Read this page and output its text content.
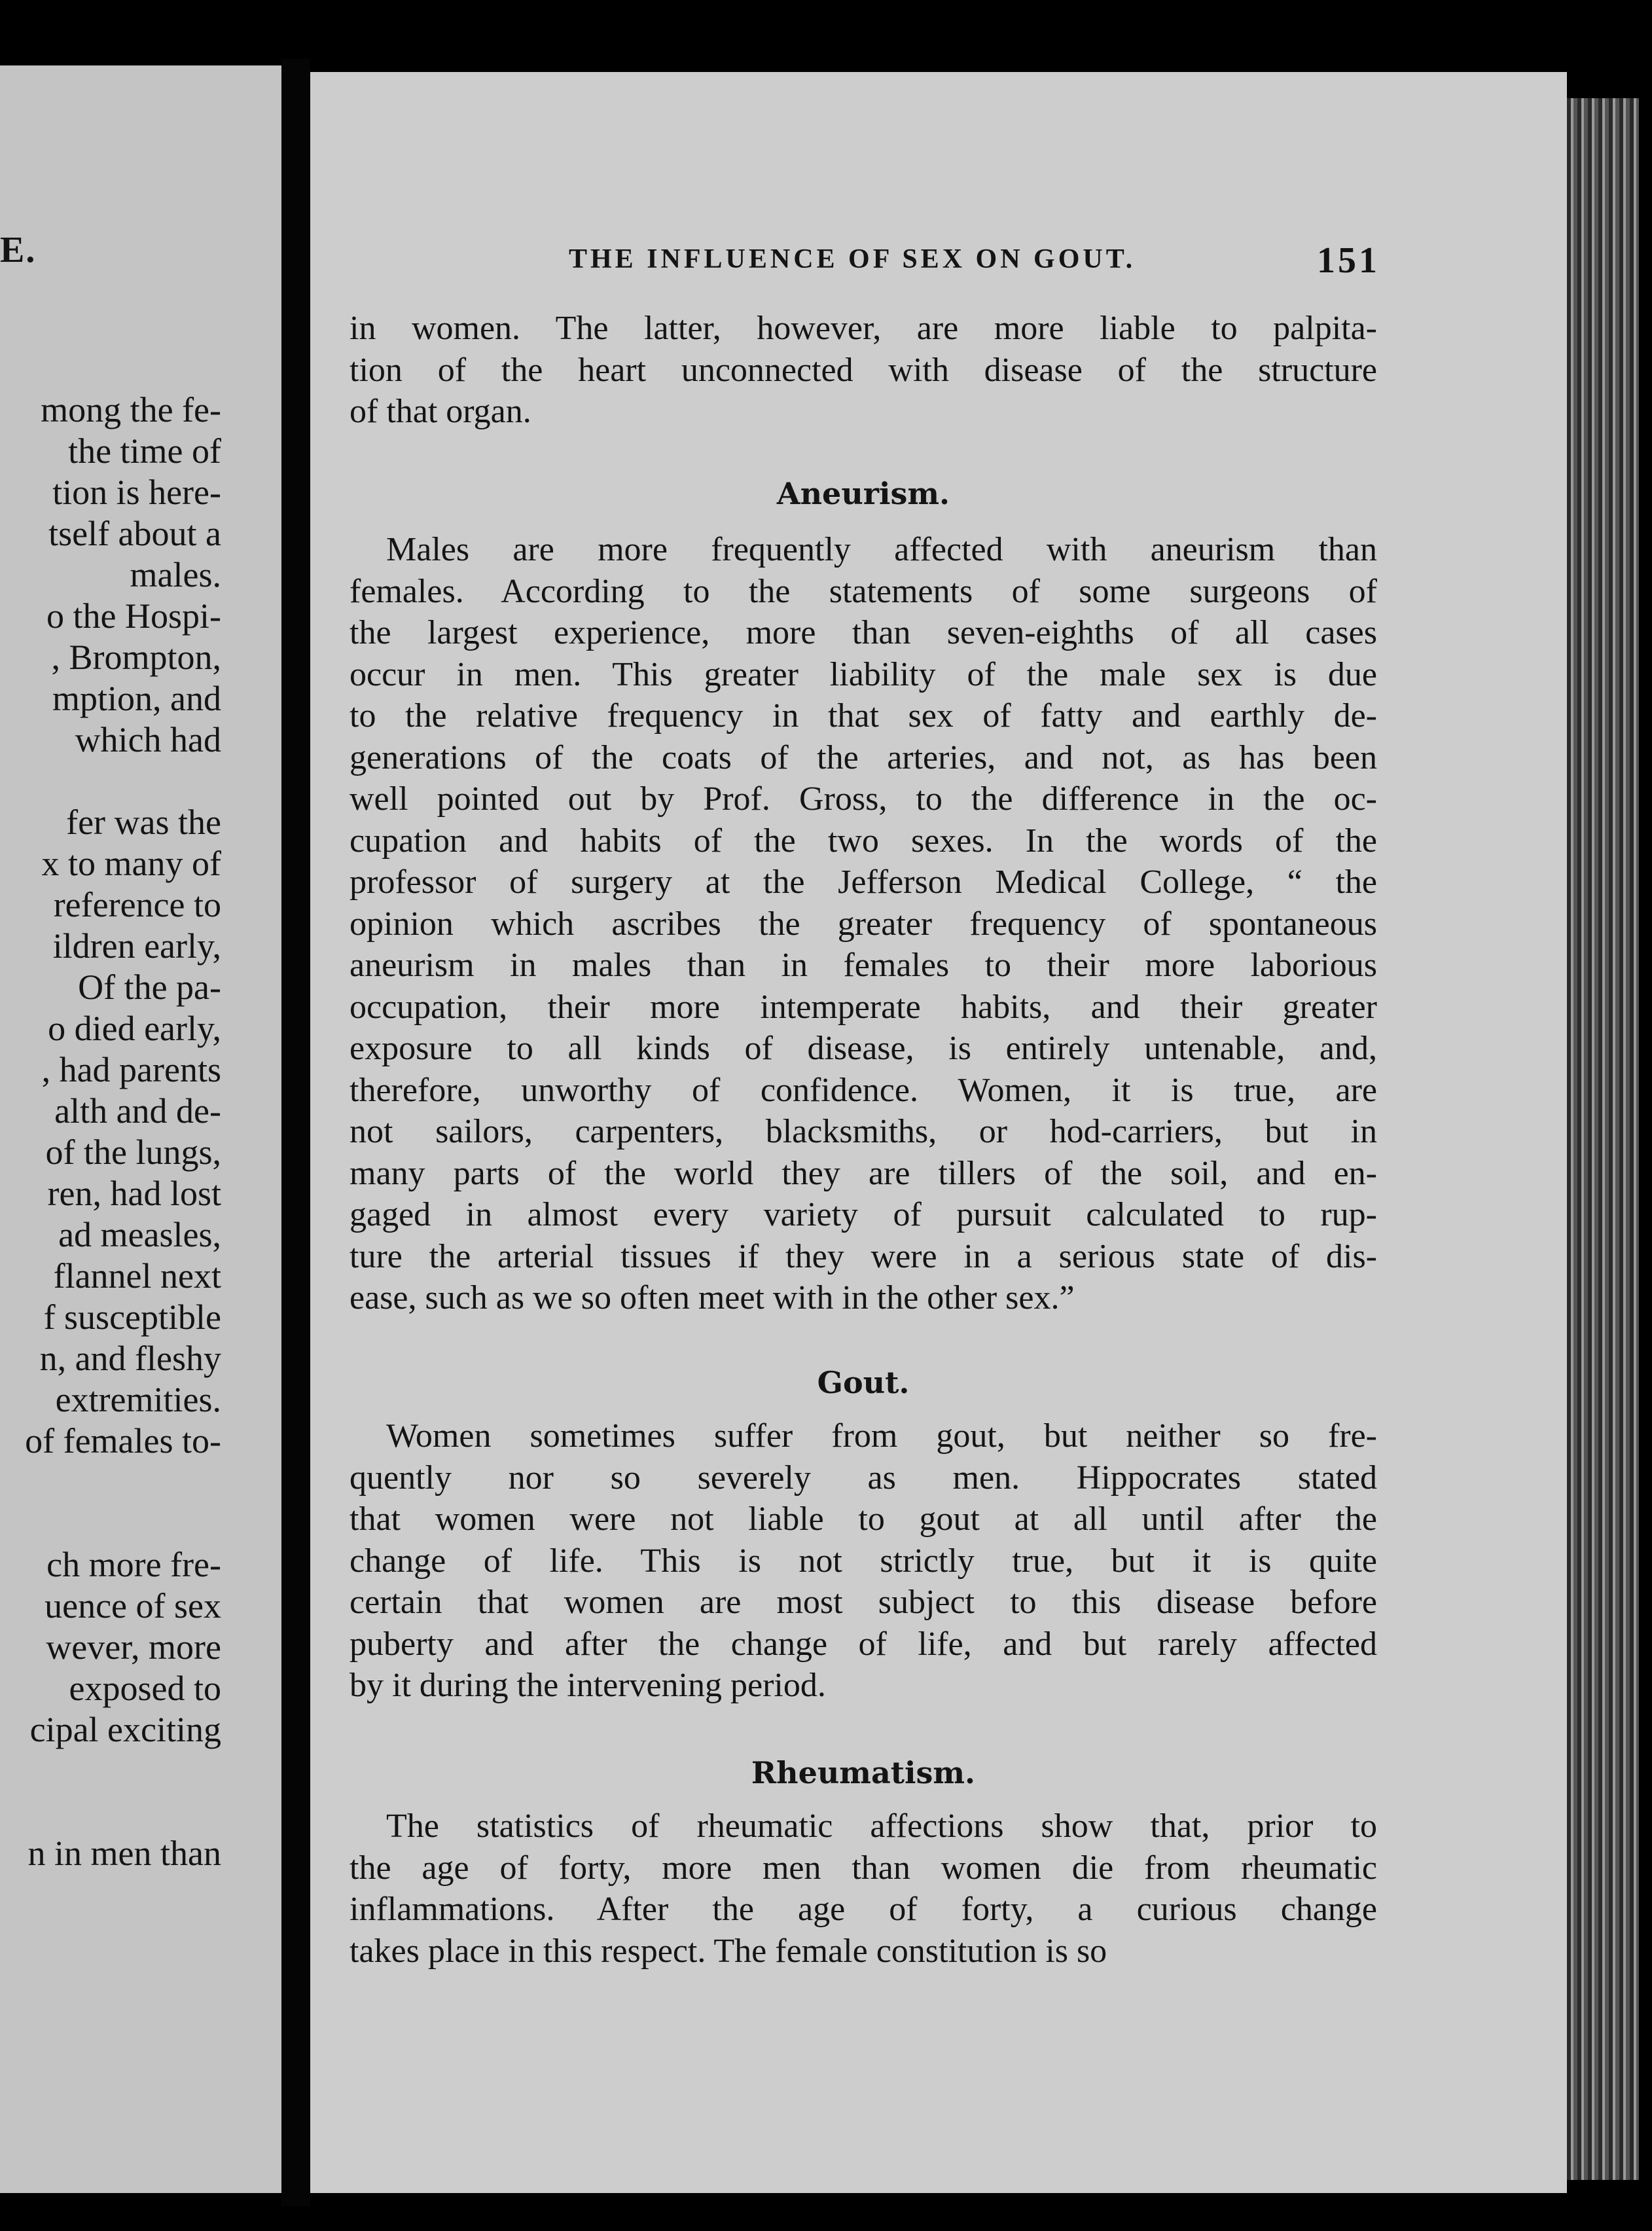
E.
mong the fe-
the time of
tion is here-
tself about a
males.
o the Hospi-
, Brompton,
mption, and
which had

fer was the
x to many of
reference to
ildren early,
Of the pa-
o died early,
, had parents
alth and de-
of the lungs,
ren, had lost
ad measles,
flannel next
f susceptible
n, and fleshy
extremities.
of females to-

ch more fre-
uence of sex
wever, more
exposed to
cipal exciting

n in men than
THE INFLUENCE OF SEX ON GOUT.	151

in women. The latter, however, are more liable to palpita-
tion of the heart unconnected with disease of the structure
of that organ.

Aneurism.

Males are more frequently affected with aneurism than
females. According to the statements of some surgeons of
the largest experience, more than seven-eighths of all cases
occur in men. This greater liability of the male sex is due
to the relative frequency in that sex of fatty and earthly de-
generations of the coats of the arteries, and not, as has been
well pointed out by Prof. Gross, to the difference in the oc-
cupation and habits of the two sexes. In the words of the
professor of surgery at the Jefferson Medical College, “ the
opinion which ascribes the greater frequency of spontaneous
aneurism in males than in females to their more laborious
occupation, their more intemperate habits, and their greater
exposure to all kinds of disease, is entirely untenable, and,
therefore, unworthy of confidence. Women, it is true, are
not sailors, carpenters, blacksmiths, or hod-carriers, but in
many parts of the world they are tillers of the soil, and en-
gaged in almost every variety of pursuit calculated to rup-
ture the arterial tissues if they were in a serious state of dis-
ease, such as we so often meet with in the other sex.”

Gout.

Women sometimes suffer from gout, but neither so fre-
quently nor so severely as men. Hippocrates stated
that women were not liable to gout at all until after the
change of life. This is not strictly true, but it is quite
certain that women are most subject to this disease before
puberty and after the change of life, and but rarely affected
by it during the intervening period.

Rheumatism.

The statistics of rheumatic affections show that, prior to
the age of forty, more men than women die from rheumatic
inflammations. After the age of forty, a curious change
takes place in this respect. The female constitution is so
